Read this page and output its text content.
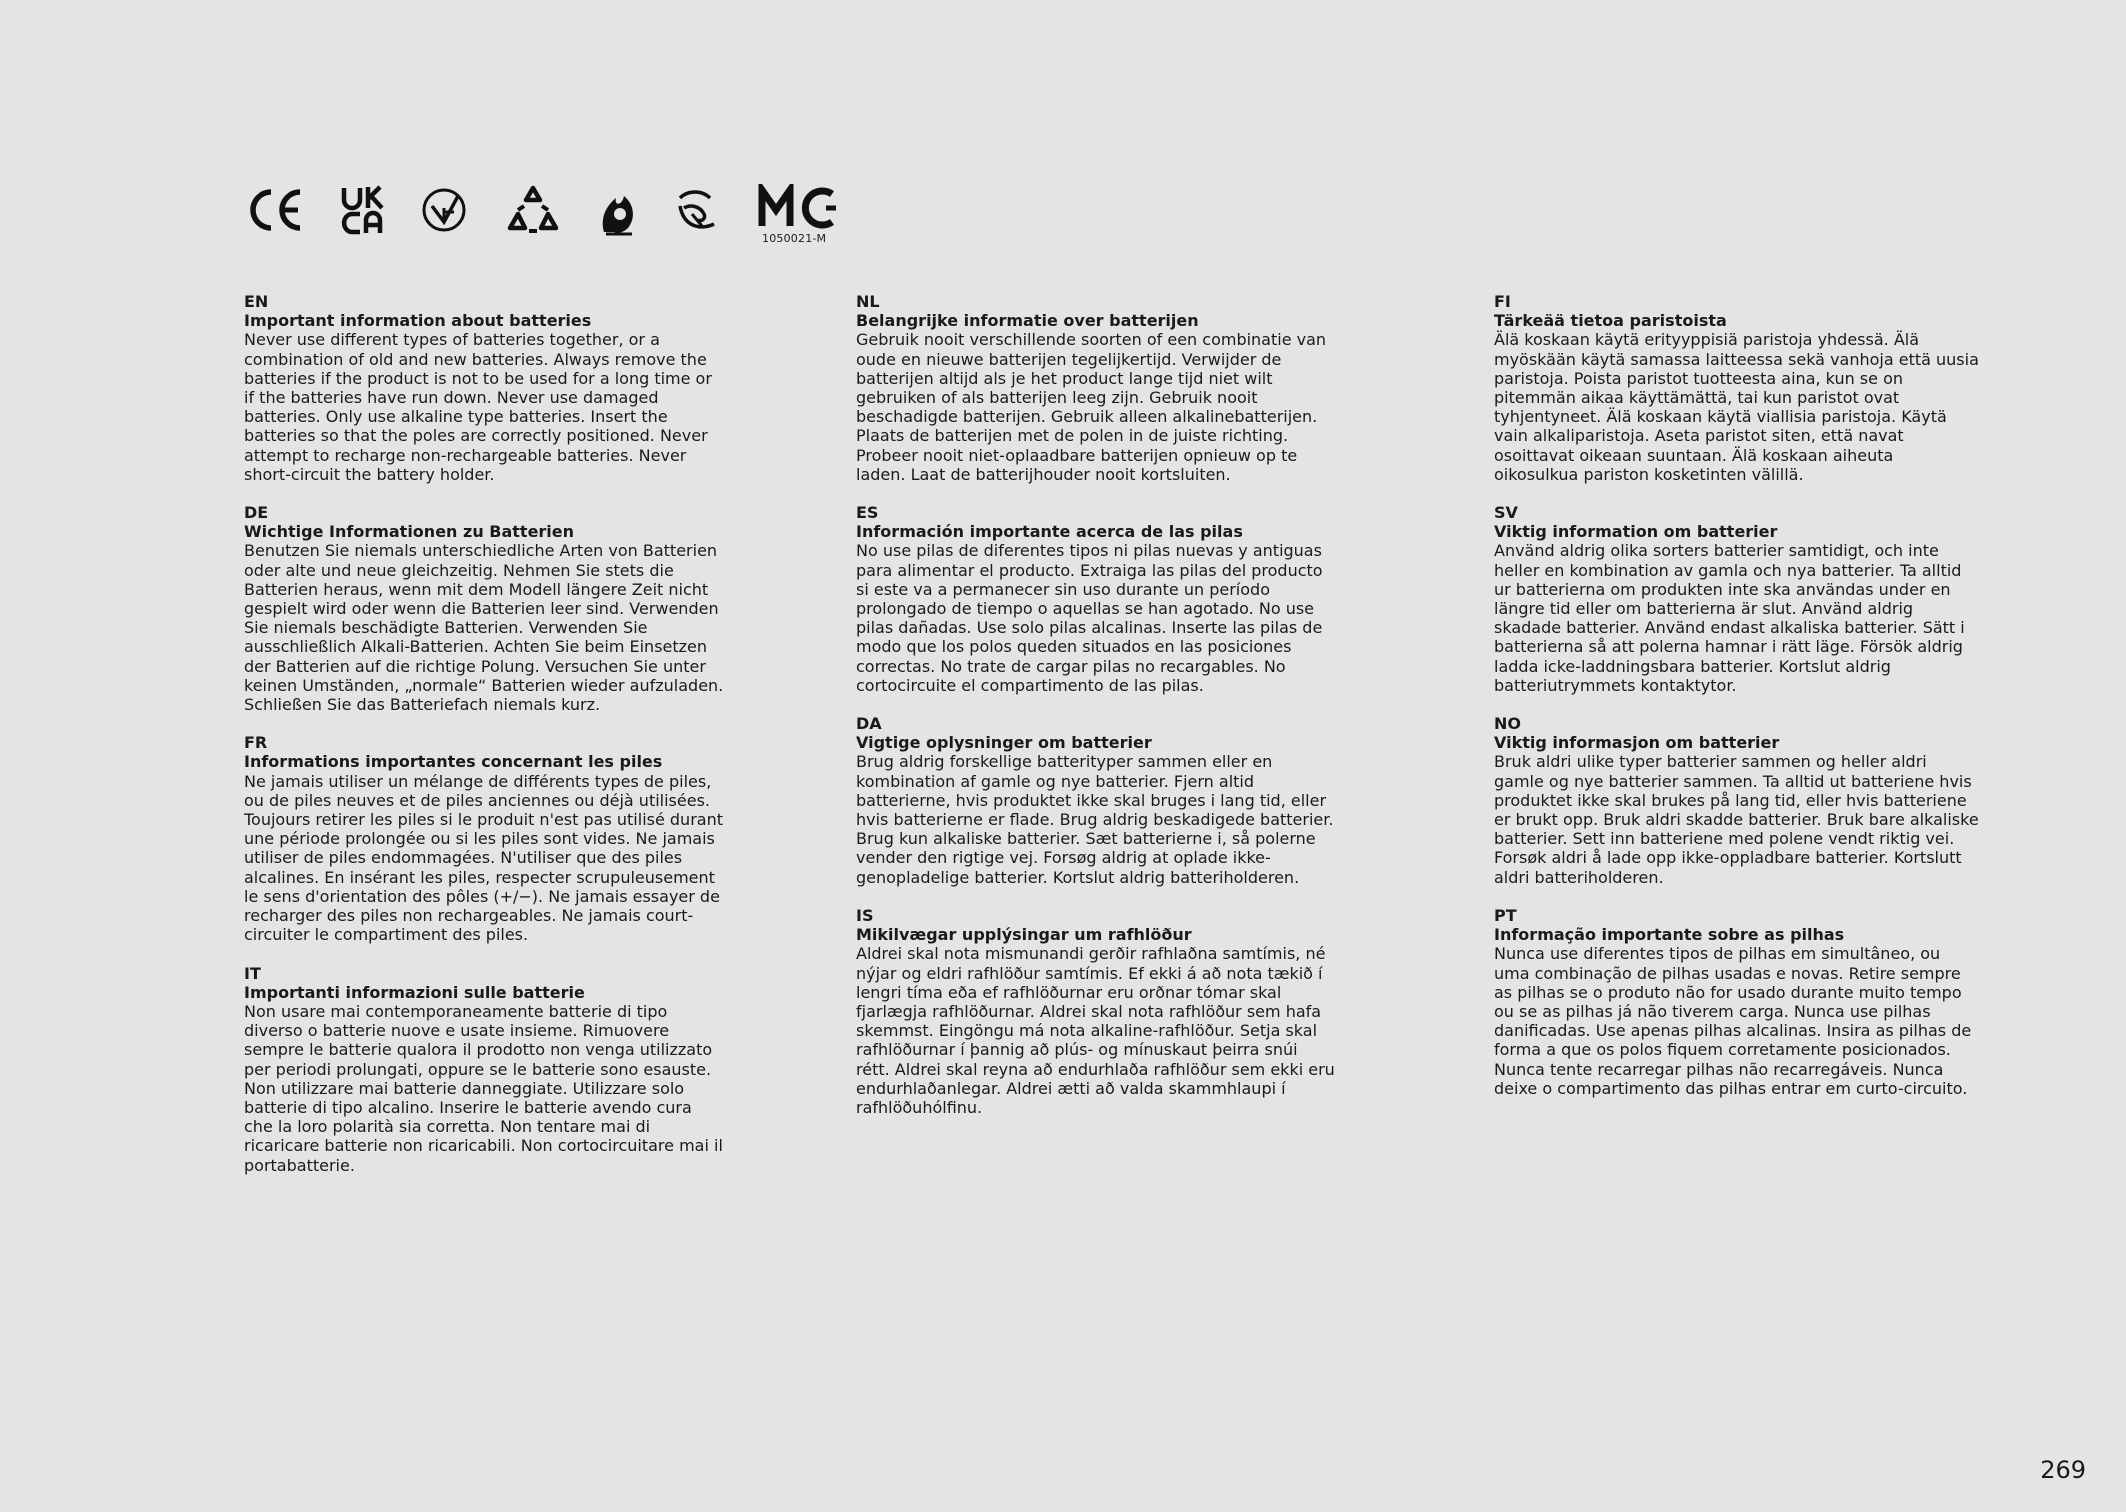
1050021-M
EN
Important information about batteries
Never use different types of batteries together, or a combination of old and new batteries. Always remove the batteries if the product is not to be used for a long time or if the batteries have run down. Never use damaged batteries. Only use alkaline type batteries. Insert the batteries so that the poles are correctly positioned. Never attempt to recharge non-rechargeable batteries. Never short-circuit the battery holder.
DE
Wichtige Informationen zu Batterien
Benutzen Sie niemals unterschiedliche Arten von Batterien oder alte und neue gleichzeitig. Nehmen Sie stets die Batterien heraus, wenn mit dem Modell längere Zeit nicht gespielt wird oder wenn die Batterien leer sind. Verwenden Sie niemals beschädigte Batterien. Verwenden Sie ausschließlich Alkali-Batterien. Achten Sie beim Einsetzen der Batterien auf die richtige Polung. Versuchen Sie unter keinen Umständen, „normale“ Batterien wieder aufzuladen. Schließen Sie das Batteriefach niemals kurz.
FR
Informations importantes concernant les piles
Ne jamais utiliser un mélange de différents types de piles, ou de piles neuves et de piles anciennes ou déjà utilisées. Toujours retirer les piles si le produit n'est pas utilisé durant une période prolongée ou si les piles sont vides. Ne jamais utiliser de piles endommagées. N'utiliser que des piles alcalines. En insérant les piles, respecter scrupuleusement le sens d'orientation des pôles (+/−). Ne jamais essayer de recharger des piles non rechargeables. Ne jamais court-circuiter le compartiment des piles.
IT
Importanti informazioni sulle batterie
Non usare mai contemporaneamente batterie di tipo diverso o batterie nuove e usate insieme. Rimuovere sempre le batterie qualora il prodotto non venga utilizzato per periodi prolungati, oppure se le batterie sono esauste. Non utilizzare mai batterie danneggiate. Utilizzare solo batterie di tipo alcalino. Inserire le batterie avendo cura che la loro polarità sia corretta. Non tentare mai di ricaricare batterie non ricaricabili. Non cortocircuitare mai il portabatterie.
NL
Belangrijke informatie over batterijen
Gebruik nooit verschillende soorten of een combinatie van oude en nieuwe batterijen tegelijkertijd. Verwijder de batterijen altijd als je het product lange tijd niet wilt gebruiken of als batterijen leeg zijn. Gebruik nooit beschadigde batterijen. Gebruik alleen alkalinebatterijen. Plaats de batterijen met de polen in de juiste richting. Probeer nooit niet-oplaadbare batterijen opnieuw op te laden. Laat de batterijhouder nooit kortsluiten.
ES
Información importante acerca de las pilas
No use pilas de diferentes tipos ni pilas nuevas y antiguas para alimentar el producto. Extraiga las pilas del producto si este va a permanecer sin uso durante un período prolongado de tiempo o aquellas se han agotado. No use pilas dañadas. Use solo pilas alcalinas. Inserte las pilas de modo que los polos queden situados en las posiciones correctas. No trate de cargar pilas no recargables. No cortocircuite el compartimento de las pilas.
DA
Vigtige oplysninger om batterier
Brug aldrig forskellige batterityper sammen eller en kombination af gamle og nye batterier. Fjern altid batterierne, hvis produktet ikke skal bruges i lang tid, eller hvis batterierne er flade. Brug aldrig beskadigede batterier. Brug kun alkaliske batterier. Sæt batterierne i, så polerne vender den rigtige vej. Forsøg aldrig at oplade ikke-genopladelige batterier. Kortslut aldrig batteriholderen.
IS
Mikilvægar upplýsingar um rafhlöður
Aldrei skal nota mismunandi gerðir rafhlaðna samtímis, né nýjar og eldri rafhlöður samtímis. Ef ekki á að nota tækið í lengri tíma eða ef rafhlöðurnar eru orðnar tómar skal fjarlægja rafhlöðurnar. Aldrei skal nota rafhlöður sem hafa skemmst. Eingöngu má nota alkaline-rafhlöður. Setja skal rafhlöðurnar í þannig að plús- og mínuskaut þeirra snúi rétt. Aldrei skal reyna að endurhlaða rafhlöður sem ekki eru endurhlaðanlegar. Aldrei ætti að valda skammhlaupi í rafhlöðuhólfinu.
FI
Tärkeää tietoa paristoista
Älä koskaan käytä erityyppisiä paristoja yhdessä. Älä myöskään käytä samassa laitteessa sekä vanhoja että uusia paristoja. Poista paristot tuotteesta aina, kun se on pitemmän aikaa käyttämättä, tai kun paristot ovat tyhjentyneet. Älä koskaan käytä viallisia paristoja. Käytä vain alkaliparistoja. Aseta paristot siten, että navat osoittavat oikeaan suuntaan. Älä koskaan aiheuta oikosulkua pariston kosketinten välillä.
SV
Viktig information om batterier
Använd aldrig olika sorters batterier samtidigt, och inte heller en kombination av gamla och nya batterier. Ta alltid ur batterierna om produkten inte ska användas under en längre tid eller om batterierna är slut. Använd aldrig skadade batterier. Använd endast alkaliska batterier. Sätt i batterierna så att polerna hamnar i rätt läge. Försök aldrig ladda icke-laddningsbara batterier. Kortslut aldrig batteriutrymmets kontaktytor.
NO
Viktig informasjon om batterier
Bruk aldri ulike typer batterier sammen og heller aldri gamle og nye batterier sammen. Ta alltid ut batteriene hvis produktet ikke skal brukes på lang tid, eller hvis batteriene er brukt opp. Bruk aldri skadde batterier. Bruk bare alkaliske batterier. Sett inn batteriene med polene vendt riktig vei. Forsøk aldri å lade opp ikke-oppladbare batterier. Kortslutt aldri batteriholderen.
PT
Informação importante sobre as pilhas
Nunca use diferentes tipos de pilhas em simultâneo, ou uma combinação de pilhas usadas e novas. Retire sempre as pilhas se o produto não for usado durante muito tempo ou se as pilhas já não tiverem carga. Nunca use pilhas danificadas. Use apenas pilhas alcalinas. Insira as pilhas de forma a que os polos fiquem corretamente posicionados. Nunca tente recarregar pilhas não recarregáveis. Nunca deixe o compartimento das pilhas entrar em curto-circuito.
269
